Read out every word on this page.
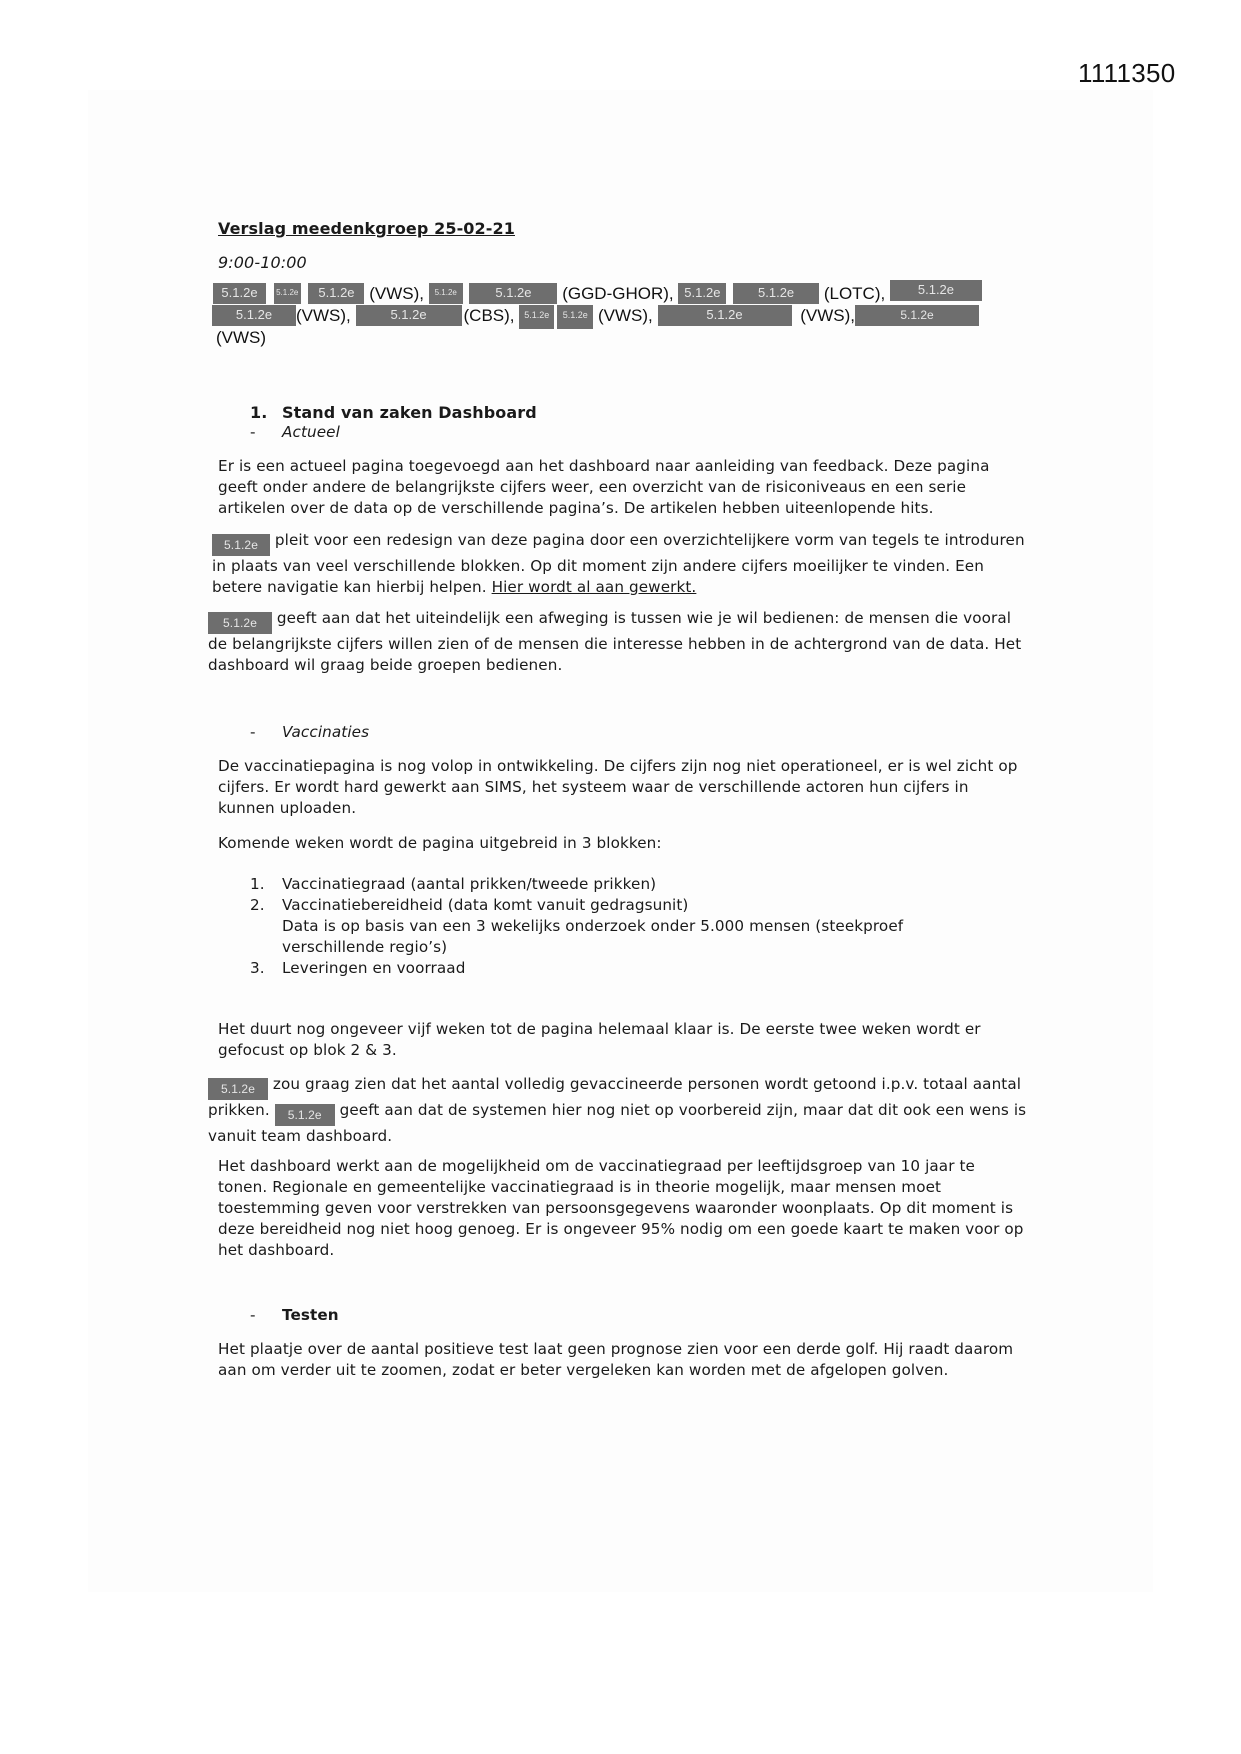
1111350
Verslag meedenkgroep 25-02-21
9:00-10:00
5.1.2e 5.1.2e 5.1.2e (VWS), 5.1.2e	5.1.2e (GGD-GHOR), 5.1.2e	5.1.2e (LOTC),	5.1.2e
5.1.2e (VWS),	5.1.2e (CBS), 5.1.2e 5.1.2e (VWS),	5.1.2e	(VWS),	5.1.2e
(VWS)
1. Stand van zaken Dashboard
- Actueel

Er is een actueel pagina toegevoegd aan het dashboard naar aanleiding van feedback. Deze pagina geeft onder andere de belangrijkste cijfers weer, een overzicht van de risiconiveaus en een serie artikelen over de data op de verschillende pagina’s. De artikelen hebben uiteenlopende hits.

5.1.2e pleit voor een redesign van deze pagina door een overzichtelijkere vorm van tegels te introduren in plaats van veel verschillende blokken. Op dit moment zijn andere cijfers moeilijker te vinden. Een betere navigatie kan hierbij helpen. Hier wordt al aan gewerkt.

5.1.2e geeft aan dat het uiteindelijk een afweging is tussen wie je wil bedienen: de mensen die vooral de belangrijkste cijfers willen zien of de mensen die interesse hebben in de achtergrond van de data. Het dashboard wil graag beide groepen bedienen.

- Vaccinaties

De vaccinatiepagina is nog volop in ontwikkeling. De cijfers zijn nog niet operationeel, er is wel zicht op cijfers. Er wordt hard gewerkt aan SIMS, het systeem waar de verschillende actoren hun cijfers in kunnen uploaden.

Komende weken wordt de pagina uitgebreid in 3 blokken:

1. Vaccinatiegraad (aantal prikken/tweede prikken)
2. Vaccinatiebereidheid (data komt vanuit gedragsunit)
Data is op basis van een 3 wekelijks onderzoek onder 5.000 mensen (steekproef verschillende regio’s)
3. Leveringen en voorraad

Het duurt nog ongeveer vijf weken tot de pagina helemaal klaar is. De eerste twee weken wordt er gefocust op blok 2 & 3.

5.1.2e zou graag zien dat het aantal volledig gevaccineerde personen wordt getoond i.p.v. totaal aantal prikken. 5.1.2e geeft aan dat de systemen hier nog niet op voorbereid zijn, maar dat dit ook een wens is vanuit team dashboard.

Het dashboard werkt aan de mogelijkheid om de vaccinatiegraad per leeftijdsgroep van 10 jaar te tonen. Regionale en gemeentelijke vaccinatiegraad is in theorie mogelijk, maar mensen moet toestemming geven voor verstrekken van persoonsgegevens waaronder woonplaats. Op dit moment is deze bereidheid nog niet hoog genoeg. Er is ongeveer 95% nodig om een goede kaart te maken voor op het dashboard.

- Testen

Het plaatje over de aantal positieve test laat geen prognose zien voor een derde golf. Hij raadt daarom aan om verder uit te zoomen, zodat er beter vergeleken kan worden met de afgelopen golven.
